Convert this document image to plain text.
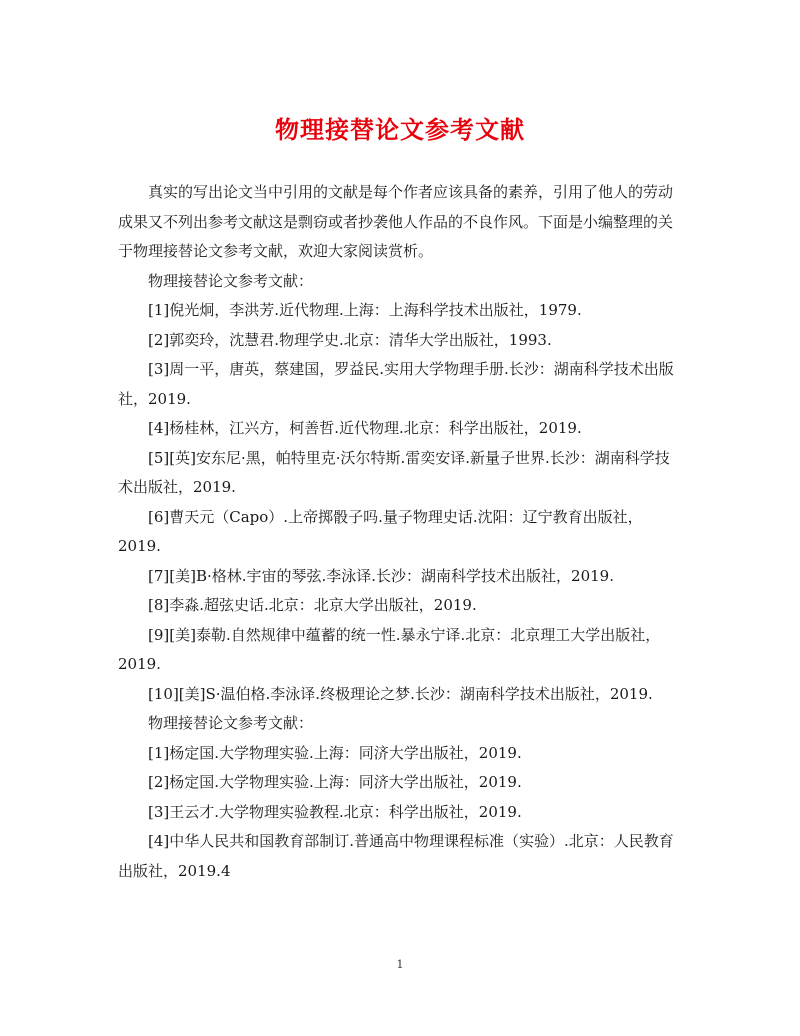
物理接替论文参考文献

真实的写出论文当中引用的文献是每个作者应该具备的素养，引用了他人的劳动成果又不列出参考文献这是剽窃或者抄袭他人作品的不良作风。下面是小编整理的关于物理接替论文参考文献，欢迎大家阅读赏析。

物理接替论文参考文献：

[1]倪光炯，李洪芳.近代物理.上海：上海科学技术出版社，1979.

[2]郭奕玲，沈慧君.物理学史.北京：清华大学出版社，1993.

[3]周一平，唐英，蔡建国，罗益民.实用大学物理手册.长沙：湖南科学技术出版社，2019.

[4]杨桂林，江兴方，柯善哲.近代物理.北京：科学出版社，2019.

[5][英]安东尼·黑，帕特里克·沃尔特斯.雷奕安译.新量子世界.长沙：湖南科学技术出版社，2019.

[6]曹天元（Capo）.上帝掷骰子吗.量子物理史话.沈阳：辽宁教育出版社，2019.

[7][美]B·格林.宇宙的琴弦.李泳译.长沙：湖南科学技术出版社，2019.

[8]李淼.超弦史话.北京：北京大学出版社，2019.

[9][美]泰勒.自然规律中蕴蓄的统一性.暴永宁译.北京：北京理工大学出版社，2019.

[10][美]S·温伯格.李泳译.终极理论之梦.长沙：湖南科学技术出版社，2019.

物理接替论文参考文献：

[1]杨定国.大学物理实验.上海：同济大学出版社，2019.

[2]杨定国.大学物理实验.上海：同济大学出版社，2019.

[3]王云才.大学物理实验教程.北京：科学出版社，2019.

[4]中华人民共和国教育部制订.普通高中物理课程标准（实验）.北京：人民教育出版社，2019.4

1
